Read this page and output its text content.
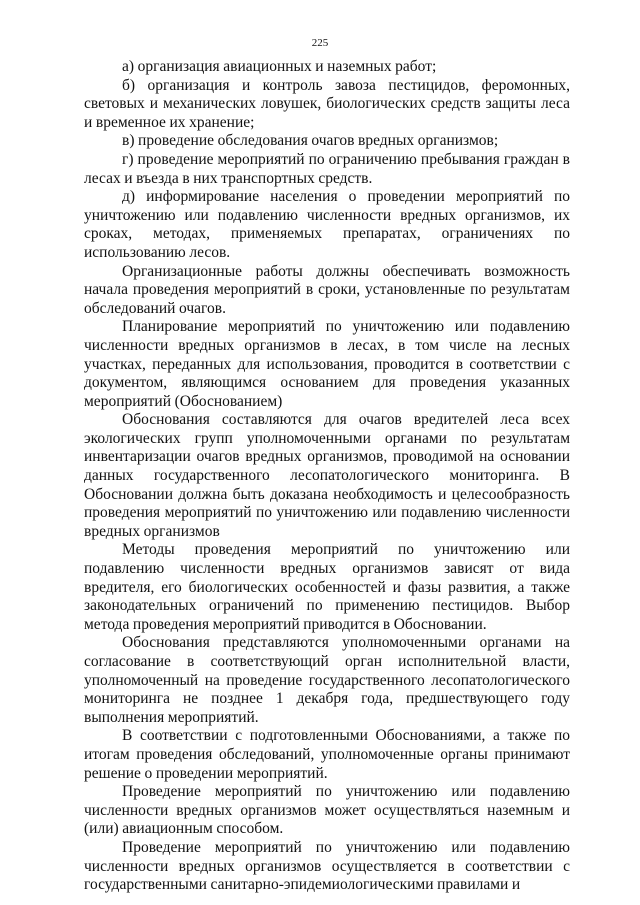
225

а) организация авиационных и наземных работ;

б) организация и контроль завоза пестицидов, феромонных, световых и механических ловушек, биологических средств защиты леса и временное их хранение;

в) проведение обследования очагов вредных организмов;

г) проведение мероприятий по ограничению пребывания граждан в лесах и въезда в них транспортных средств.

д) информирование населения о проведении мероприятий по уничтожению или подавлению численности вредных организмов, их сроках, методах, применяемых препаратах, ограничениях по использованию лесов.

Организационные работы должны обеспечивать возможность начала проведения мероприятий в сроки, установленные по результатам обследований очагов.

Планирование мероприятий по уничтожению или подавлению численности вредных организмов в лесах, в том числе на лесных участках, переданных для использования, проводится в соответствии с документом, являющимся основанием для проведения указанных мероприятий (Обоснованием)

Обоснования составляются для очагов вредителей леса всех экологических групп уполномоченными органами по результатам инвентаризации очагов вредных организмов, проводимой на основании данных государственного лесопатологического мониторинга. В Обосновании должна быть доказана необходимость и целесообразность проведения мероприятий по уничтожению или подавлению численности вредных организмов

Методы проведения мероприятий по уничтожению или подавлению численности вредных организмов зависят от вида вредителя, его биологических особенностей и фазы развития, а также законодательных ограничений по применению пестицидов. Выбор метода проведения мероприятий приводится в Обосновании.

Обоснования представляются уполномоченными органами на согласование в соответствующий орган исполнительной власти, уполномоченный на проведение государственного лесопатологического мониторинга не позднее 1 декабря года, предшествующего году выполнения мероприятий.

В соответствии с подготовленными Обоснованиями, а также по итогам проведения обследований, уполномоченные органы принимают решение о проведении мероприятий.

Проведение мероприятий по уничтожению или подавлению численности вредных организмов может осуществляться наземным и (или) авиационным способом.

Проведение мероприятий по уничтожению или подавлению численности вредных организмов осуществляется в соответствии с государственными санитарно-эпидемиологическими правилами и
